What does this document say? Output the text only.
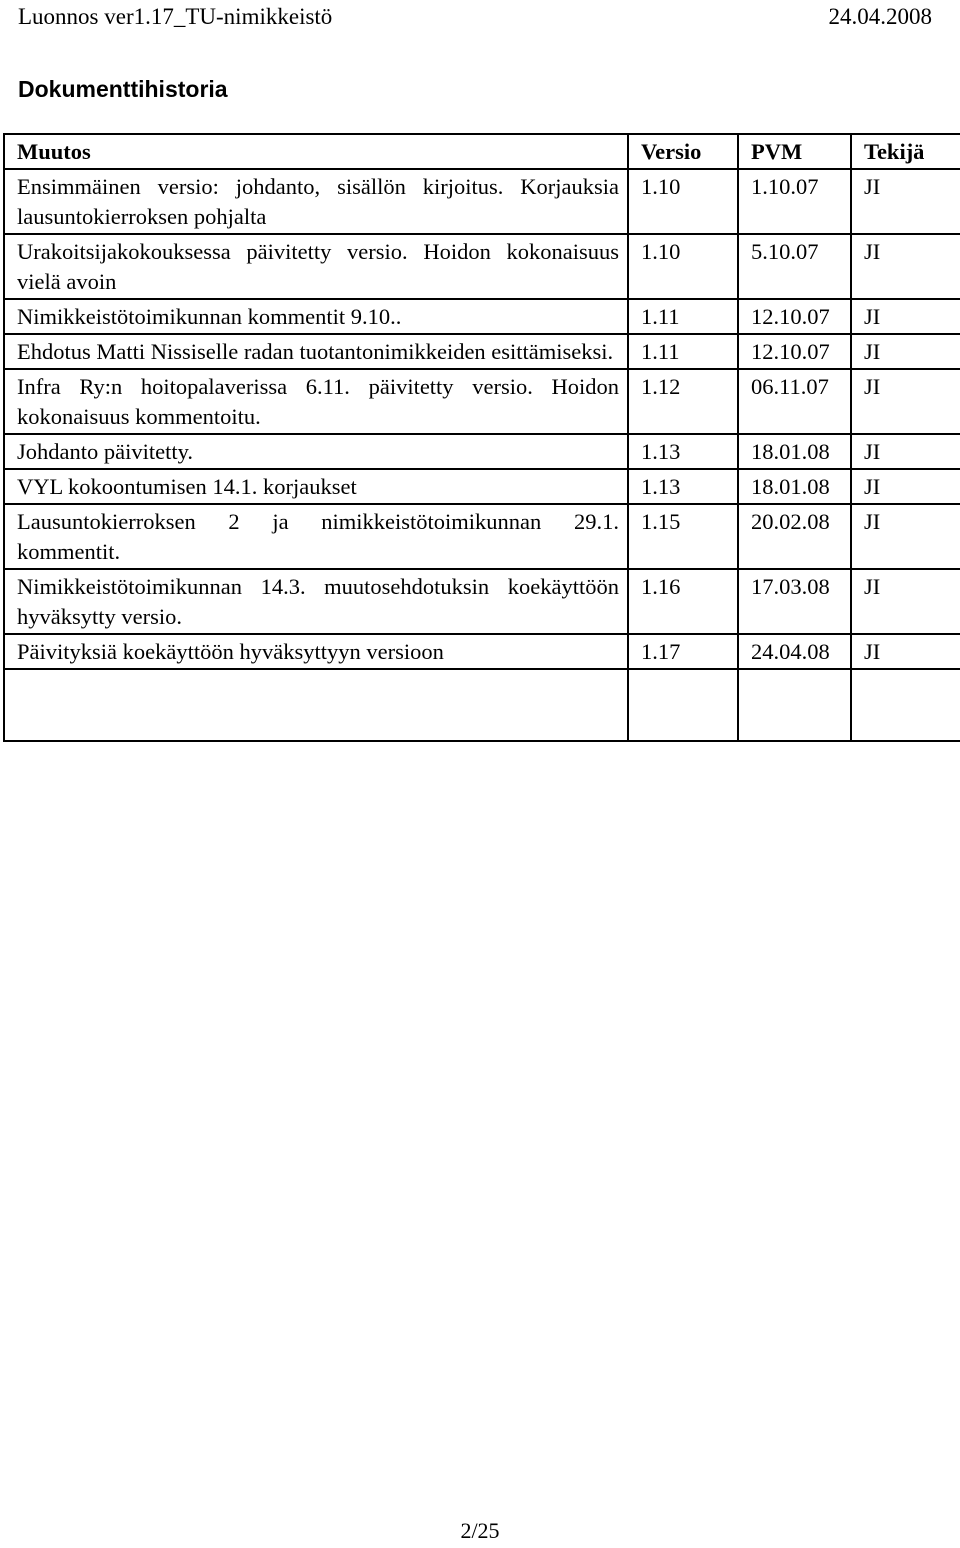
Luonnos ver1.17_TU-nimikkeistö	24.04.2008
Dokumenttihistoria
Muutos	Versio	PVM	Tekijä
Ensimmäinen versio: johdanto, sisällön kirjoitus. Korjauksia lausuntokierroksen pohjalta	1.10	1.10.07	JI
Urakoitsijakokouksessa päivitetty versio. Hoidon kokonaisuus vielä avoin	1.10	5.10.07	JI
Nimikkeistötoimikunnan kommentit 9.10..	1.11	12.10.07	JI
Ehdotus Matti Nissiselle radan tuotantonimikkeiden esittämiseksi.	1.11	12.10.07	JI
Infra Ry:n hoitopalaverissa 6.11. päivitetty versio. Hoidon kokonaisuus kommentoitu.	1.12	06.11.07	JI
Johdanto päivitetty.	1.13	18.01.08	JI
VYL kokoontumisen 14.1. korjaukset	1.13	18.01.08	JI
Lausuntokierroksen 2 ja nimikkeistötoimikunnan 29.1. kommentit.	1.15	20.02.08	JI
Nimikkeistötoimikunnan 14.3. muutosehdotuksin koekäyttöön hyväksytty versio.	1.16	17.03.08	JI
Päivityksiä koekäyttöön hyväksyttyyn versioon	1.17	24.04.08	JI

2/25
